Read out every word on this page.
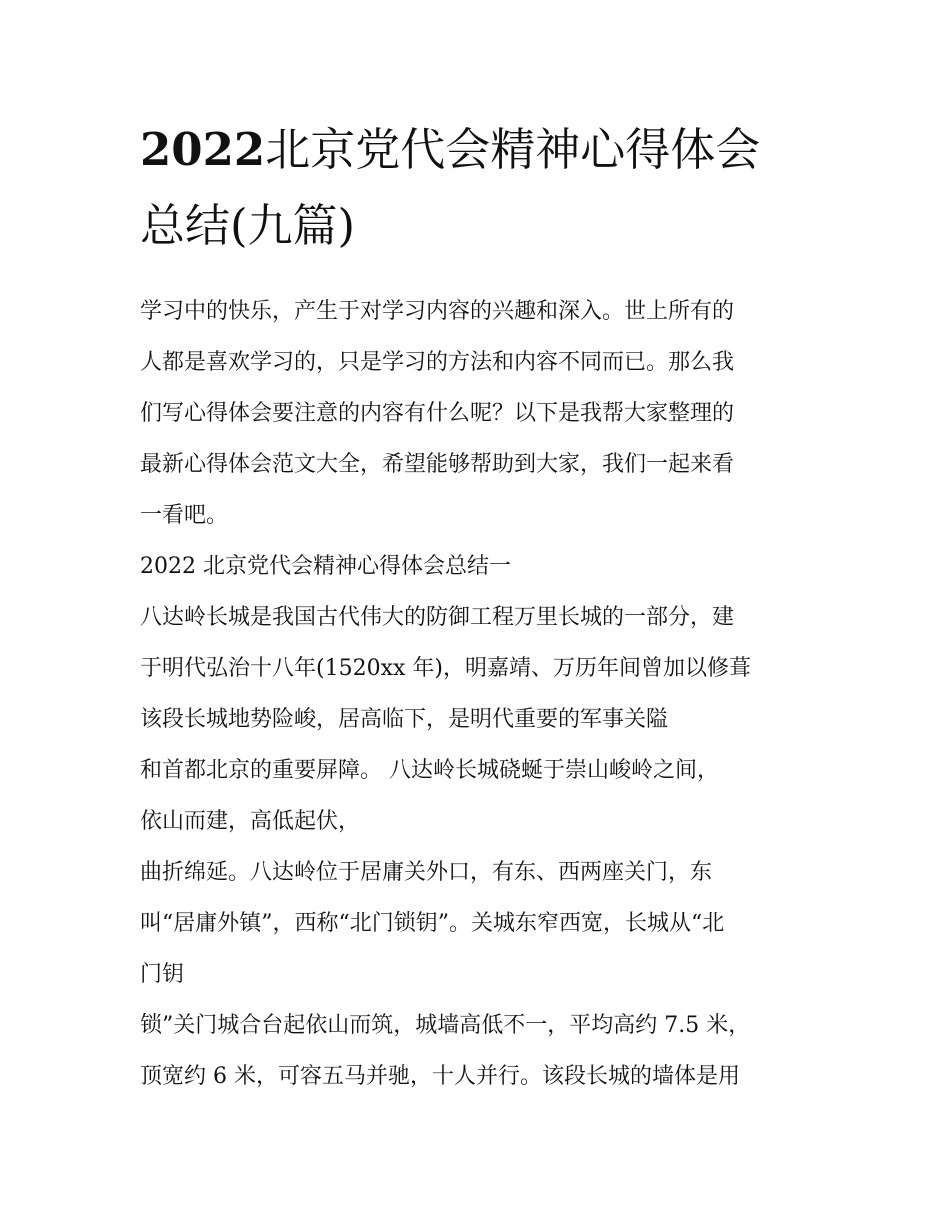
2022北京党代会精神心得体会
总结(九篇)
学习中的快乐，产生于对学习内容的兴趣和深入。世上所有的
人都是喜欢学习的，只是学习的方法和内容不同而已。那么我
们写心得体会要注意的内容有什么呢？以下是我帮大家整理的
最新心得体会范文大全，希望能够帮助到大家，我们一起来看
一看吧。
2022 北京党代会精神心得体会总结一
八达岭长城是我国古代伟大的防御工程万里长城的一部分，建
于明代弘治十八年(1520xx 年)，明嘉靖、万历年间曾加以修葺
该段长城地势险峻，居高临下，是明代重要的军事关隘
和首都北京的重要屏障。 八达岭长城硗蜒于崇山峻岭之间，
依山而建，高低起伏，
曲折绵延。八达岭位于居庸关外口，有东、西两座关门，东
叫“居庸外镇”，西称“北门锁钥”。关城东窄西宽，长城从“北
门钥
锁”关门城合台起依山而筑，城墙高低不一，平均高约 7.5 米，
顶宽约 6 米，可容五马并驰，十人并行。该段长城的墙体是用
